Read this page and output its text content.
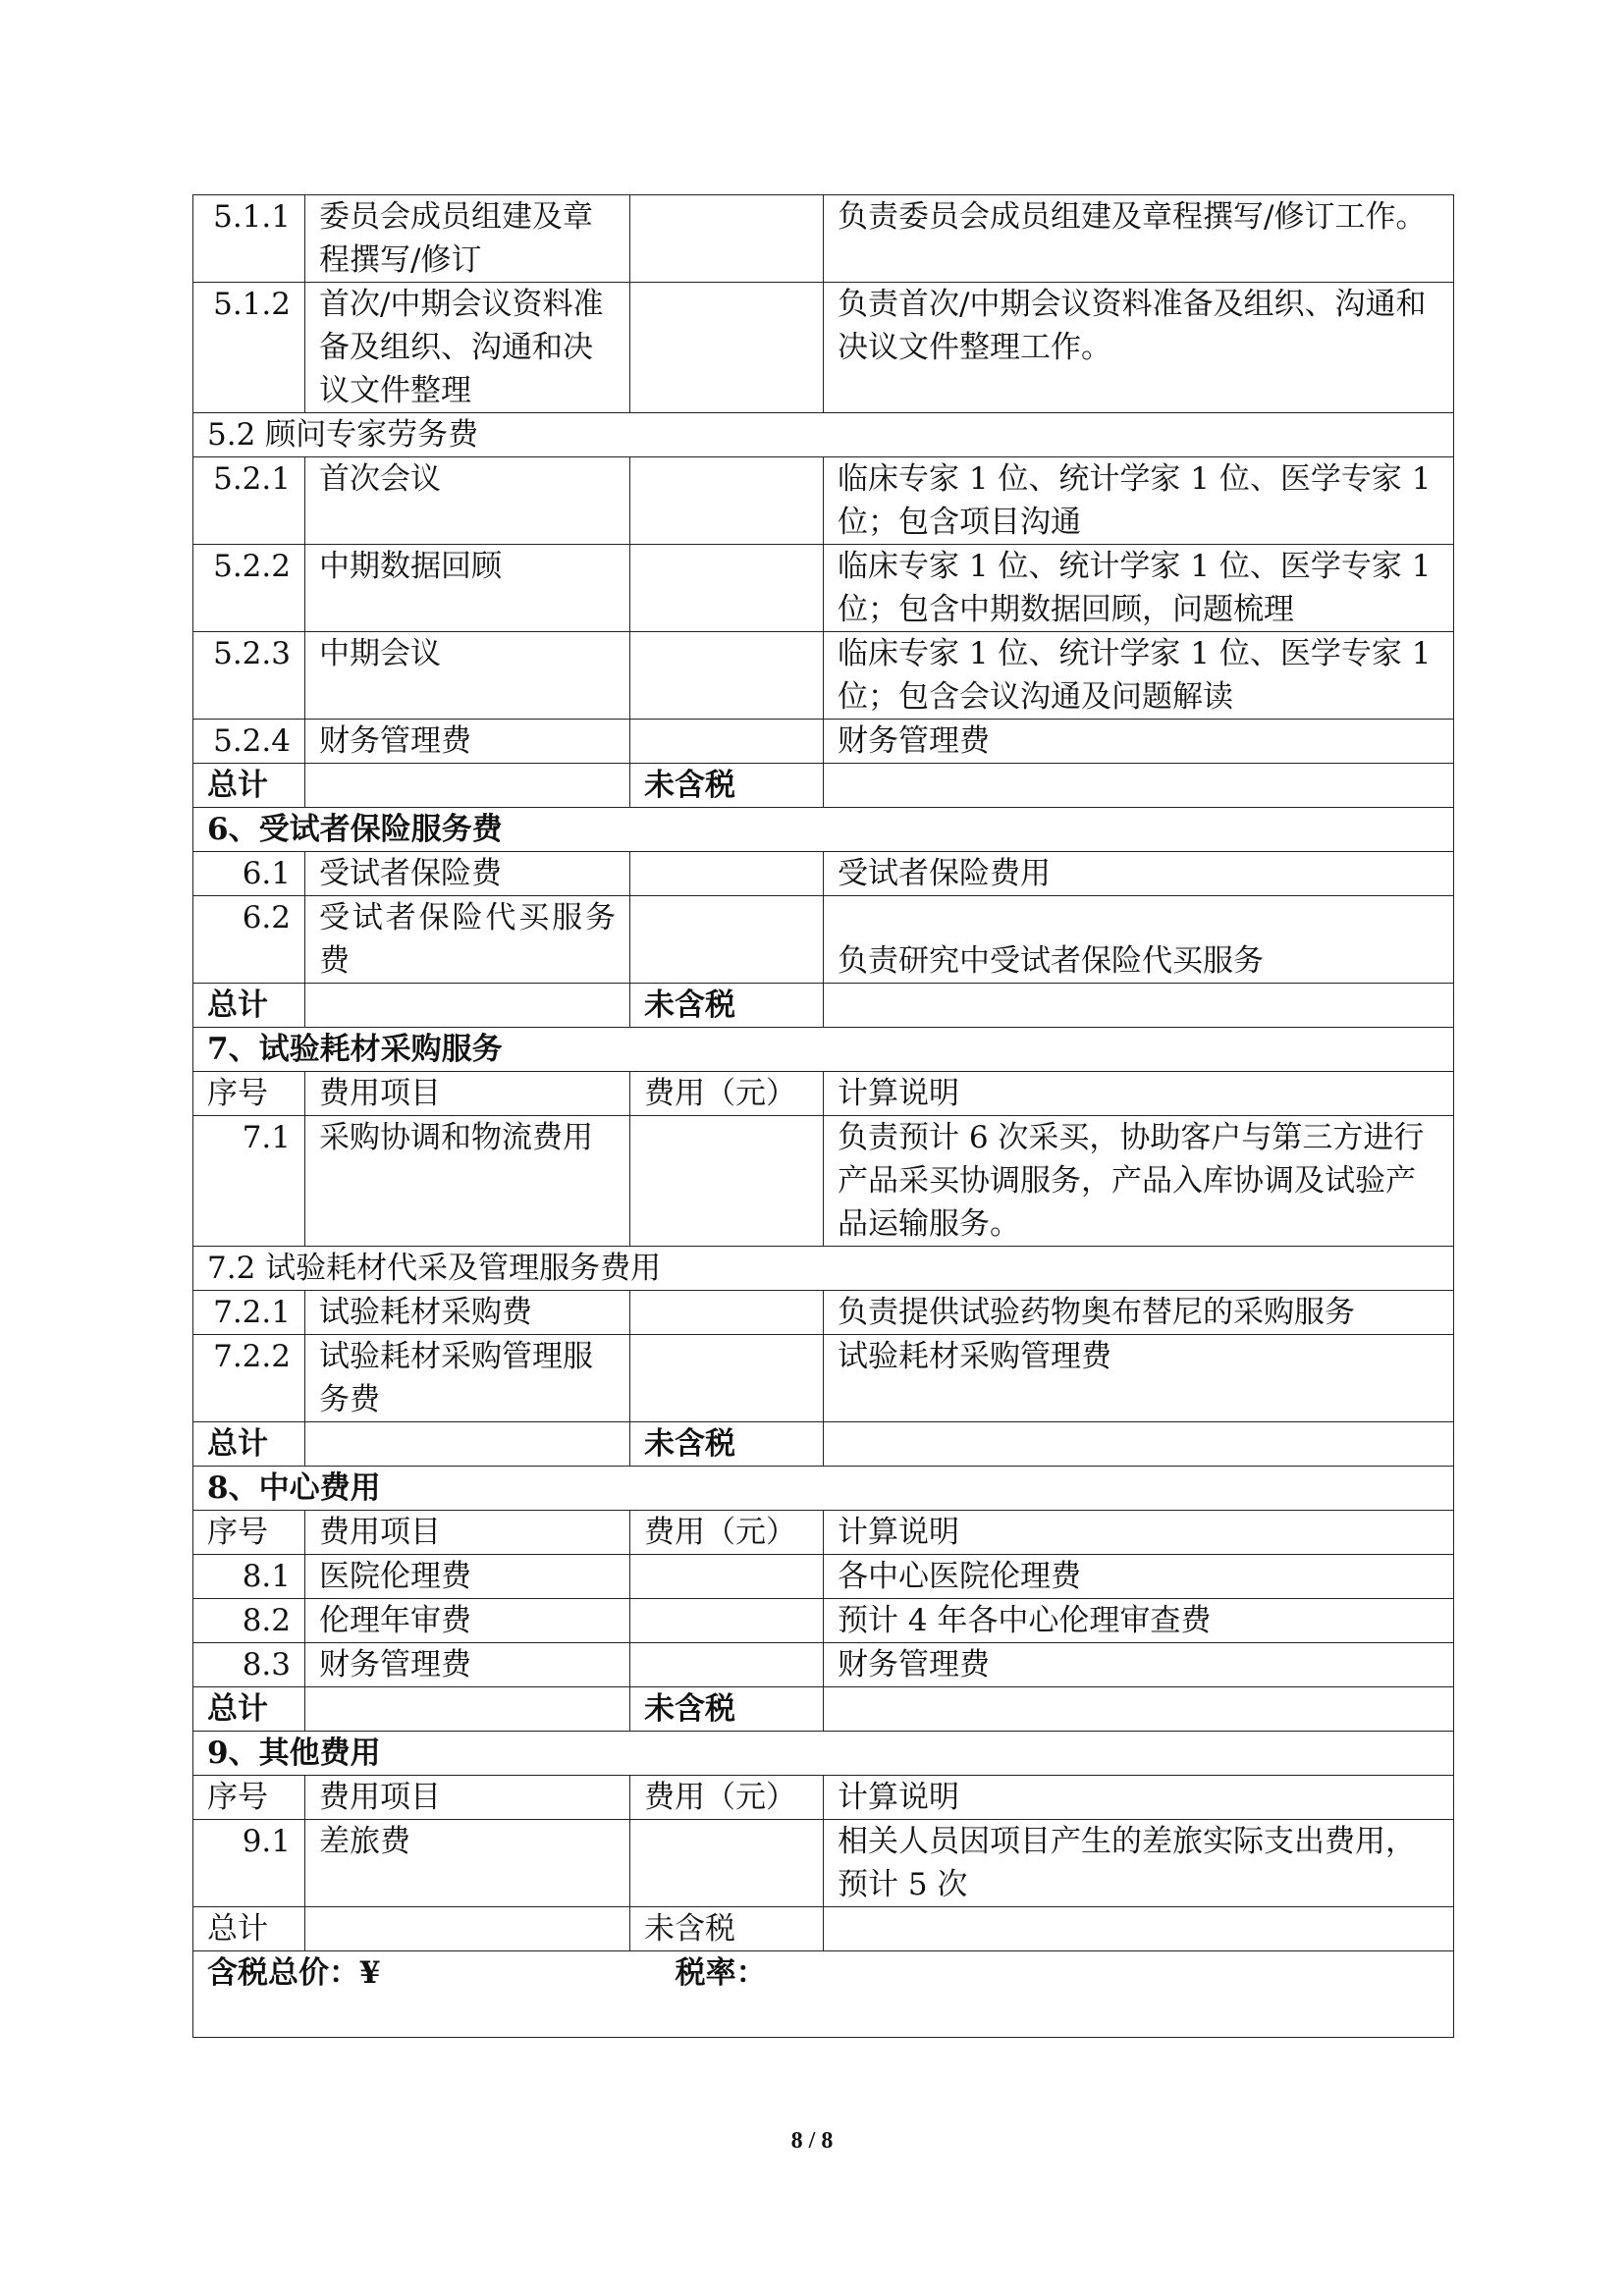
5.1.1	委员会成员组建及章程撰写/修订		负责委员会成员组建及章程撰写/修订工作。
5.1.2	首次/中期会议资料准备及组织、沟通和决议文件整理		负责首次/中期会议资料准备及组织、沟通和决议文件整理工作。
5.2 顾问专家劳务费			
5.2.1	首次会议		临床专家 1 位、统计学家 1 位、医学专家 1 位；包含项目沟通
5.2.2	中期数据回顾		临床专家 1 位、统计学家 1 位、医学专家 1 位；包含中期数据回顾，问题梳理
5.2.3	中期会议		临床专家 1 位、统计学家 1 位、医学专家 1 位；包含会议沟通及问题解读
5.2.4	财务管理费		财务管理费
总计		未含税	
6、受试者保险服务费			
6.1	受试者保险费		受试者保险费用
6.2	受试者保险代买服务费		负责研究中受试者保险代买服务
总计		未含税	
7、试验耗材采购服务			
序号	费用项目	费用（元）	计算说明
7.1	采购协调和物流费用		负责预计 6 次采买，协助客户与第三方进行产品采买协调服务，产品入库协调及试验产品运输服务。
7.2 试验耗材代采及管理服务费用			
7.2.1	试验耗材采购费		负责提供试验药物奥布替尼的采购服务
7.2.2	试验耗材采购管理服务费		试验耗材采购管理费
总计		未含税	
8、中心费用			
序号	费用项目	费用（元）	计算说明
8.1	医院伦理费		各中心医院伦理费
8.2	伦理年审费		预计 4 年各中心伦理审查费
8.3	财务管理费		财务管理费
总计		未含税	
9、其他费用			
序号	费用项目	费用（元）	计算说明
9.1	差旅费		相关人员因项目产生的差旅实际支出费用，预计 5 次
总计		未含税	
含税总价：¥ 税率：			
8 / 8
